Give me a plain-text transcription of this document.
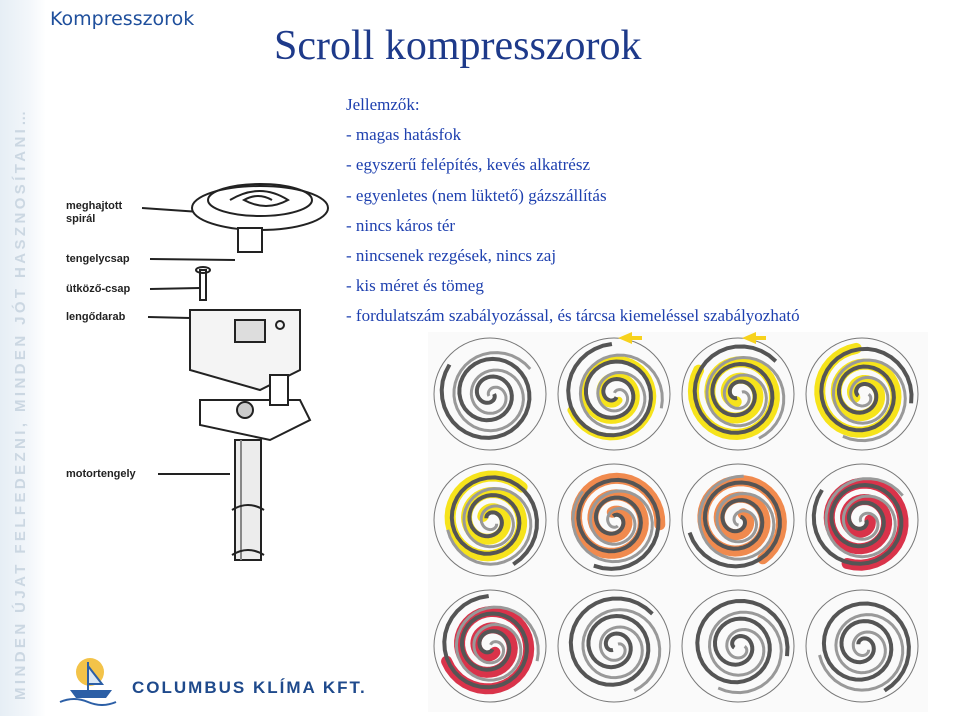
MINDEN ÚJAT FELFEDEZNI, MINDEN JÓT HASZNOSÍTANI…
Kompresszorok
Scroll kompresszorok
Jellemzők:
- magas hatásfok
- egyszerű felépítés, kevés alkatrész
- egyenletes (nem lüktető) gázszállítás
- nincs káros tér
- nincsenek rezgések, nincs zaj
- kis méret és tömeg
- fordulatszám szabályozással, és tárcsa kiemeléssel szabályozható
meghajtott spirál
tengelycsap
ütköző-csap
lengődarab
motortengely
COLUMBUS KLÍMA KFT.
